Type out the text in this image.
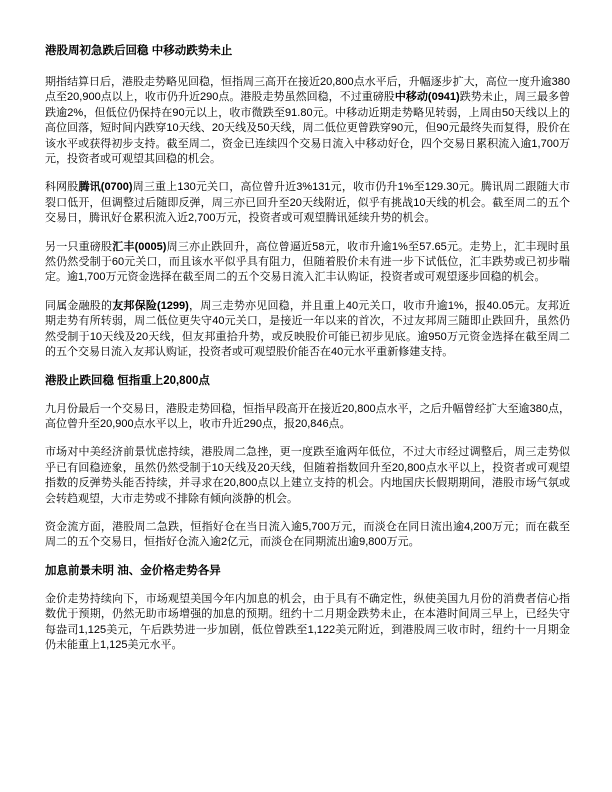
港股周初急跌后回稳 中移动跌势未止

期指结算日后，港股走势略见回稳，恒指周三高开在接近20,800点水平后，升幅逐步扩大，高位一度升逾380点至20,900点以上，收市仍升近290点。港股走势虽然回稳，不过重磅股中移动(0941)跌势未止，周三最多曾跌逾2%，但低位仍保持在90元以上，收市微跌至91.80元。中移动近期走势略见转弱，上周由50天线以上的高位回落，短时间内跌穿10天线、20天线及50天线，周二低位更曾跌穿90元，但90元最终失而复得，股价在该水平或获得初步支持。截至周二，资金已连续四个交易日流入中移动好仓，四个交易日累积流入逾1,700万元，投资者或可观望其回稳的机会。

科网股腾讯(0700)周三重上130元关口，高位曾升近3%131元，收市仍升1%至129.30元。腾讯周二跟随大市裂口低开，但调整过后随即反弹，周三亦已回升至20天线附近，似乎有挑战10天线的机会。截至周二的五个交易日，腾讯好仓累积流入近2,700万元，投资者或可观望腾讯延续升势的机会。

另一只重磅股汇丰(0005)周三亦止跌回升，高位曾逼近58元，收市升逾1%至57.65元。走势上，汇丰现时虽然仍然受制于60元关口，而且该水平似乎具有阻力，但随着股价未有进一步下试低位，汇丰跌势或已初步喘定。逾1,700万元资金选择在截至周二的五个交易日流入汇丰认购证，投资者或可观望逐步回稳的机会。

同属金融股的友邦保险(1299)，周三走势亦见回稳，并且重上40元关口，收市升逾1%，报40.05元。友邦近期走势有所转弱，周二低位更失守40元关口，是接近一年以来的首次，不过友邦周三随即止跌回升，虽然仍然受制于10天线及20天线，但友邦重拾升势，或反映股价可能已初步见底。逾950万元资金选择在截至周二的五个交易日流入友邦认购证，投资者或可观望股价能否在40元水平重新修建支持。

港股止跌回稳 恒指重上20,800点

九月份最后一个交易日，港股走势回稳，恒指早段高开在接近20,800点水平，之后升幅曾经扩大至逾380点，高位曾升至20,900点水平以上，收市升近290点，报20,846点。

市场对中美经济前景忧虑持续，港股周二急挫，更一度跌至逾两年低位，不过大市经过调整后，周三走势似乎已有回稳迹象，虽然仍然受制于10天线及20天线，但随着指数回升至20,800点水平以上，投资者或可观望指数的反弹势头能否持续，并寻求在20,800点以上建立支持的机会。内地国庆长假期期间，港股市场气氛或会转趋观望，大市走势或不排除有倾向淡静的机会。

资金流方面，港股周二急跌，恒指好仓在当日流入逾5,700万元，而淡仓在同日流出逾4,200万元；而在截至周二的五个交易日，恒指好仓流入逾2亿元，而淡仓在同期流出逾9,800万元。

加息前景未明 油、金价格走势各异

金价走势持续向下，市场观望美国今年内加息的机会，由于具有不确定性，纵使美国九月份的消费者信心指数优于预期，仍然无助市场增强的加息的预期。纽约十二月期金跌势未止，在本港时间周三早上，已经失守每盎司1,125美元，午后跌势进一步加剧，低位曾跌至1,122美元附近，到港股周三收市时，纽约十一月期金仍未能重上1,125美元水平。
